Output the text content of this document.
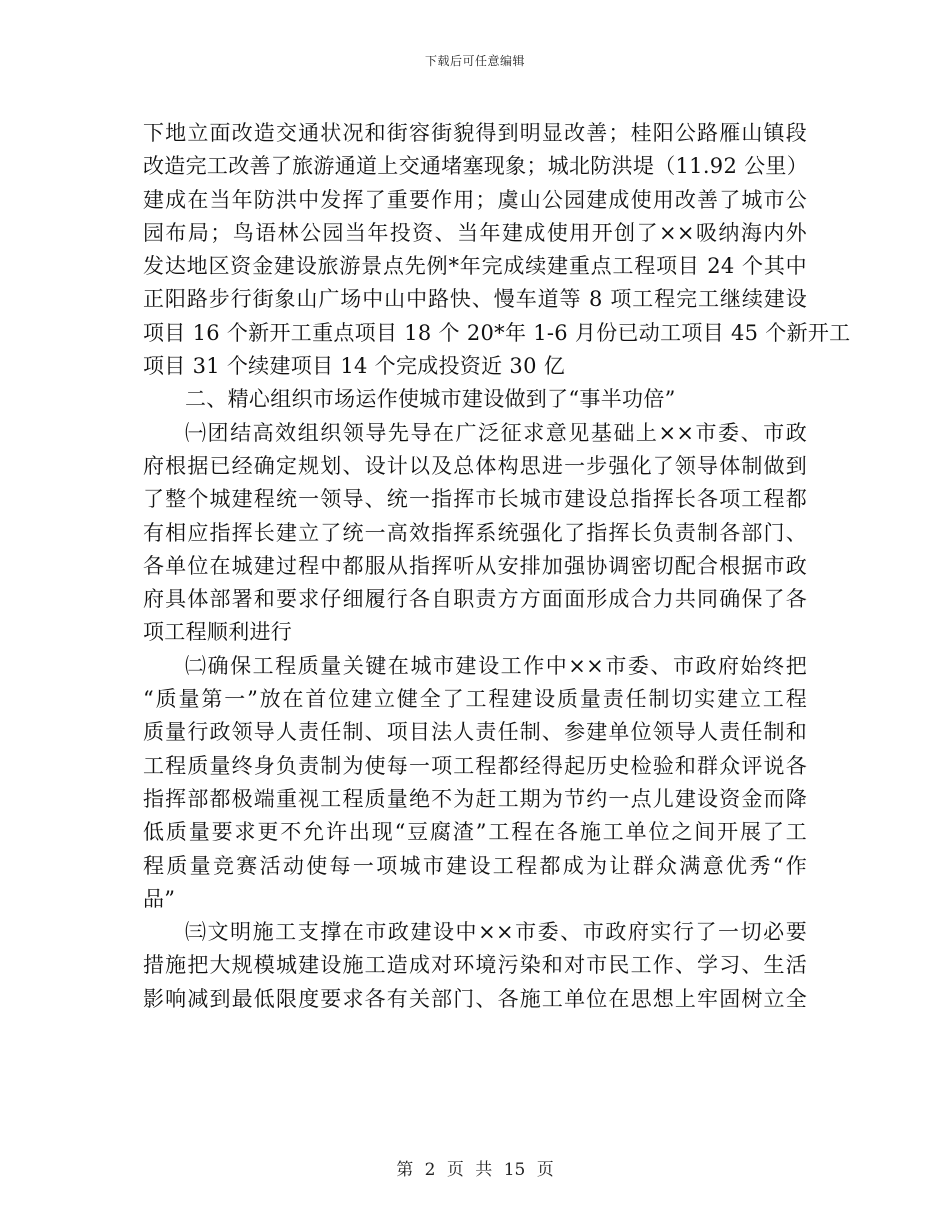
下载后可任意编辑
下地立面改造交通状况和街容街貌得到明显改善；桂阳公路雁山镇段
改造完工改善了旅游通道上交通堵塞现象；城北防洪堤（11.92 公里）
建成在当年防洪中发挥了重要作用；虞山公园建成使用改善了城市公
园布局；鸟语林公园当年投资、当年建成使用开创了××吸纳海内外
发达地区资金建设旅游景点先例*年完成续建重点工程项目 24 个其中
正阳路步行街象山广场中山中路快、慢车道等 8 项工程完工继续建设
项目 16 个新开工重点项目 18 个 20*年 1-6 月份已动工项目 45 个新开工
项目 31 个续建项目 14 个完成投资近 30 亿
二、精心组织市场运作使城市建设做到了“事半功倍”
㈠团结高效组织领导先导在广泛征求意见基础上××市委、市政
府根据已经确定规划、设计以及总体构思进一步强化了领导体制做到
了整个城建程统一领导、统一指挥市长城市建设总指挥长各项工程都
有相应指挥长建立了统一高效指挥系统强化了指挥长负责制各部门、
各单位在城建过程中都服从指挥听从安排加强协调密切配合根据市政
府具体部署和要求仔细履行各自职责方方面面形成合力共同确保了各
项工程顺利进行
㈡确保工程质量关键在城市建设工作中××市委、市政府始终把
“质量第一”放在首位建立健全了工程建设质量责任制切实建立工程
质量行政领导人责任制、项目法人责任制、参建单位领导人责任制和
工程质量终身负责制为使每一项工程都经得起历史检验和群众评说各
指挥部都极端重视工程质量绝不为赶工期为节约一点儿建设资金而降
低质量要求更不允许出现“豆腐渣”工程在各施工单位之间开展了工
程质量竞赛活动使每一项城市建设工程都成为让群众满意优秀“作
品”
㈢文明施工支撑在市政建设中××市委、市政府实行了一切必要
措施把大规模城建设施工造成对环境污染和对市民工作、学习、生活
影响减到最低限度要求各有关部门、各施工单位在思想上牢固树立全
第 2 页 共 15 页
